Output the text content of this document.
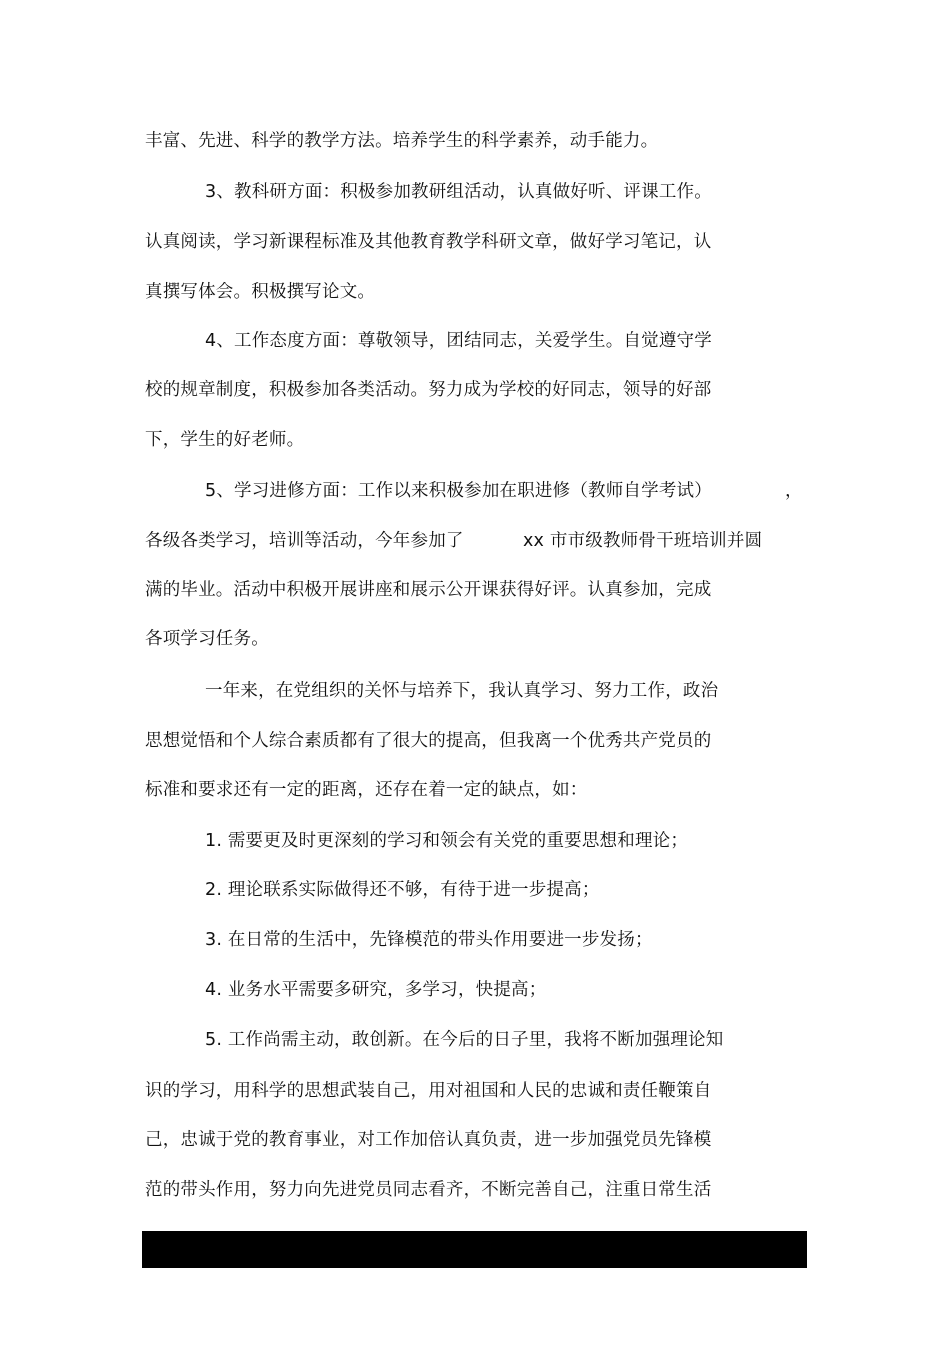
丰富、先进、科学的教学方法。培养学生的科学素养，动手能力。
3、教科研方面：积极参加教研组活动，认真做好听、评课工作。
认真阅读，学习新课程标准及其他教育教学科研文章，做好学习笔记，认
真撰写体会。积极撰写论文。
4、工作态度方面：尊敬领导，团结同志，关爱学生。自觉遵守学
校的规章制度，积极参加各类活动。努力成为学校的好同志，领导的好部
下，学生的好老师。
5、学习进修方面：工作以来积极参加在职进修（教师自学考试）	，
各级各类学习，培训等活动，今年参加了	xx 市市级教师骨干班培训并圆
满的毕业。活动中积极开展讲座和展示公开课获得好评。认真参加，完成
各项学习任务。
一年来，在党组织的关怀与培养下，我认真学习、努力工作，政治
思想觉悟和个人综合素质都有了很大的提高，但我离一个优秀共产党员的
标准和要求还有一定的距离，还存在着一定的缺点，如：
1. 需要更及时更深刻的学习和领会有关党的重要思想和理论；
2. 理论联系实际做得还不够，有待于进一步提高；
3. 在日常的生活中，先锋模范的带头作用要进一步发扬；
4. 业务水平需要多研究，多学习，快提高；
5. 工作尚需主动，敢创新。在今后的日子里，我将不断加强理论知
识的学习，用科学的思想武装自己，用对祖国和人民的忠诚和责任鞭策自
己，忠诚于党的教育事业，对工作加倍认真负责，进一步加强党员先锋模
范的带头作用，努力向先进党员同志看齐，不断完善自己，注重日常生活
